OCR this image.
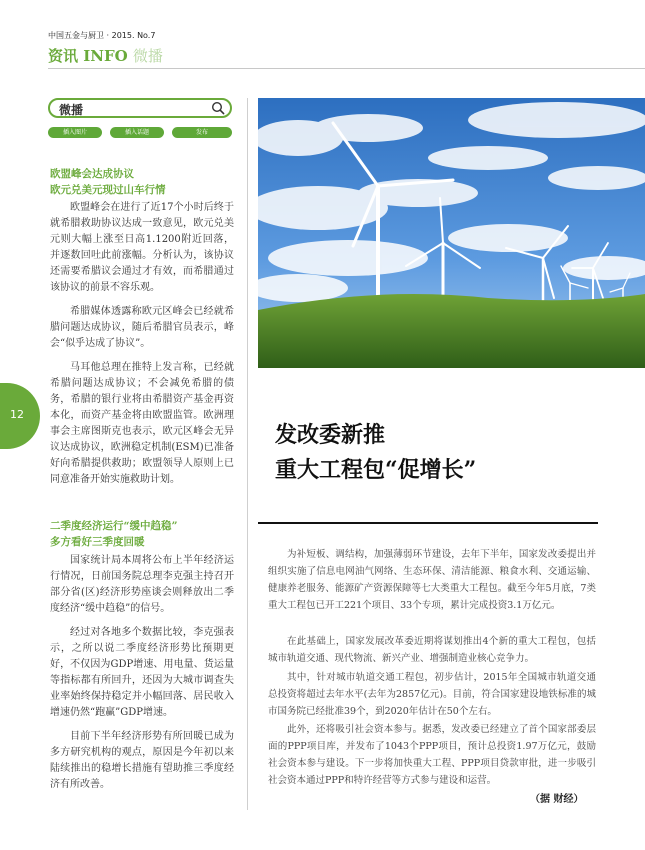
中国五金与厨卫 · 2015. No.7
资讯 INFO 微播
微播
插入图片	插入话题	发布
12
欧盟峰会达成协议
欧元兑美元现过山车行情
欧盟峰会在进行了近17个小时后终于就希腊救助协议达成一致意见，欧元兑美元则大幅上涨至日高1.1200附近回落，并逐数回吐此前涨幅。分析认为，该协议还需要希腊议会通过才有效，而希腊通过该协议的前景不容乐观。
希腊媒体透露称欧元区峰会已经就希腊问题达成协议，随后希腊官员表示，峰会“似乎达成了协议”。
马耳他总理在推特上发言称，已经就希腊问题达成协议；不会减免希腊的债务，希腊的银行业将由希腊资产基金再资本化，而资产基金将由欧盟监管。欧洲理事会主席图斯克也表示，欧元区峰会无异议达成协议，欧洲稳定机制(ESM)已准备好向希腊提供救助；欧盟领导人原则上已同意准备开始实施救助计划。
二季度经济运行“缓中趋稳”
多方看好三季度回暖
国家统计局本周将公布上半年经济运行情况，日前国务院总理李克强主持召开部分省(区)经济形势座谈会则释放出二季度经济“缓中趋稳”的信号。
经过对各地多个数据比较，李克强表示，之所以说二季度经济形势比预期更好，不仅因为GDP增速、用电量、货运量等指标都有所回升，还因为大城市调查失业率始终保持稳定并小幅回落、居民收入增速仍然“跑赢”GDP增速。
目前下半年经济形势有所回暖已成为多方研究机构的观点，原因是今年初以来陆续推出的稳增长措施有望助推三季度经济有所改善。
发改委新推
重大工程包“促增长”
为补短板、调结构，加强薄弱环节建设，去年下半年，国家发改委提出并组织实施了信息电网油气网络、生态环保、清洁能源、粮食水利、交通运输、健康养老服务、能源矿产资源保障等七大类重大工程包。截至今年5月底，7类重大工程包已开工221个项目、33个专项，累计完成投资3.1万亿元。
在此基础上，国家发展改革委近期将谋划推出4个新的重大工程包，包括城市轨道交通、现代物流、新兴产业、增强制造业核心竞争力。
其中，针对城市轨道交通工程包，初步估计，2015年全国城市轨道交通总投资将超过去年水平(去年为2857亿元)。目前，符合国家建设地铁标准的城市国务院已经批准39个，到2020年估计在50个左右。
此外，还将吸引社会资本参与。据悉，发改委已经建立了首个国家部委层面的PPP项目库，并发布了1043个PPP项目，预计总投资1.97万亿元，鼓励社会资本参与建设。下一步将加快重大工程、PPP项目贷款审批，进一步吸引社会资本通过PPP和特许经营等方式参与建设和运营。
（据 财经）
